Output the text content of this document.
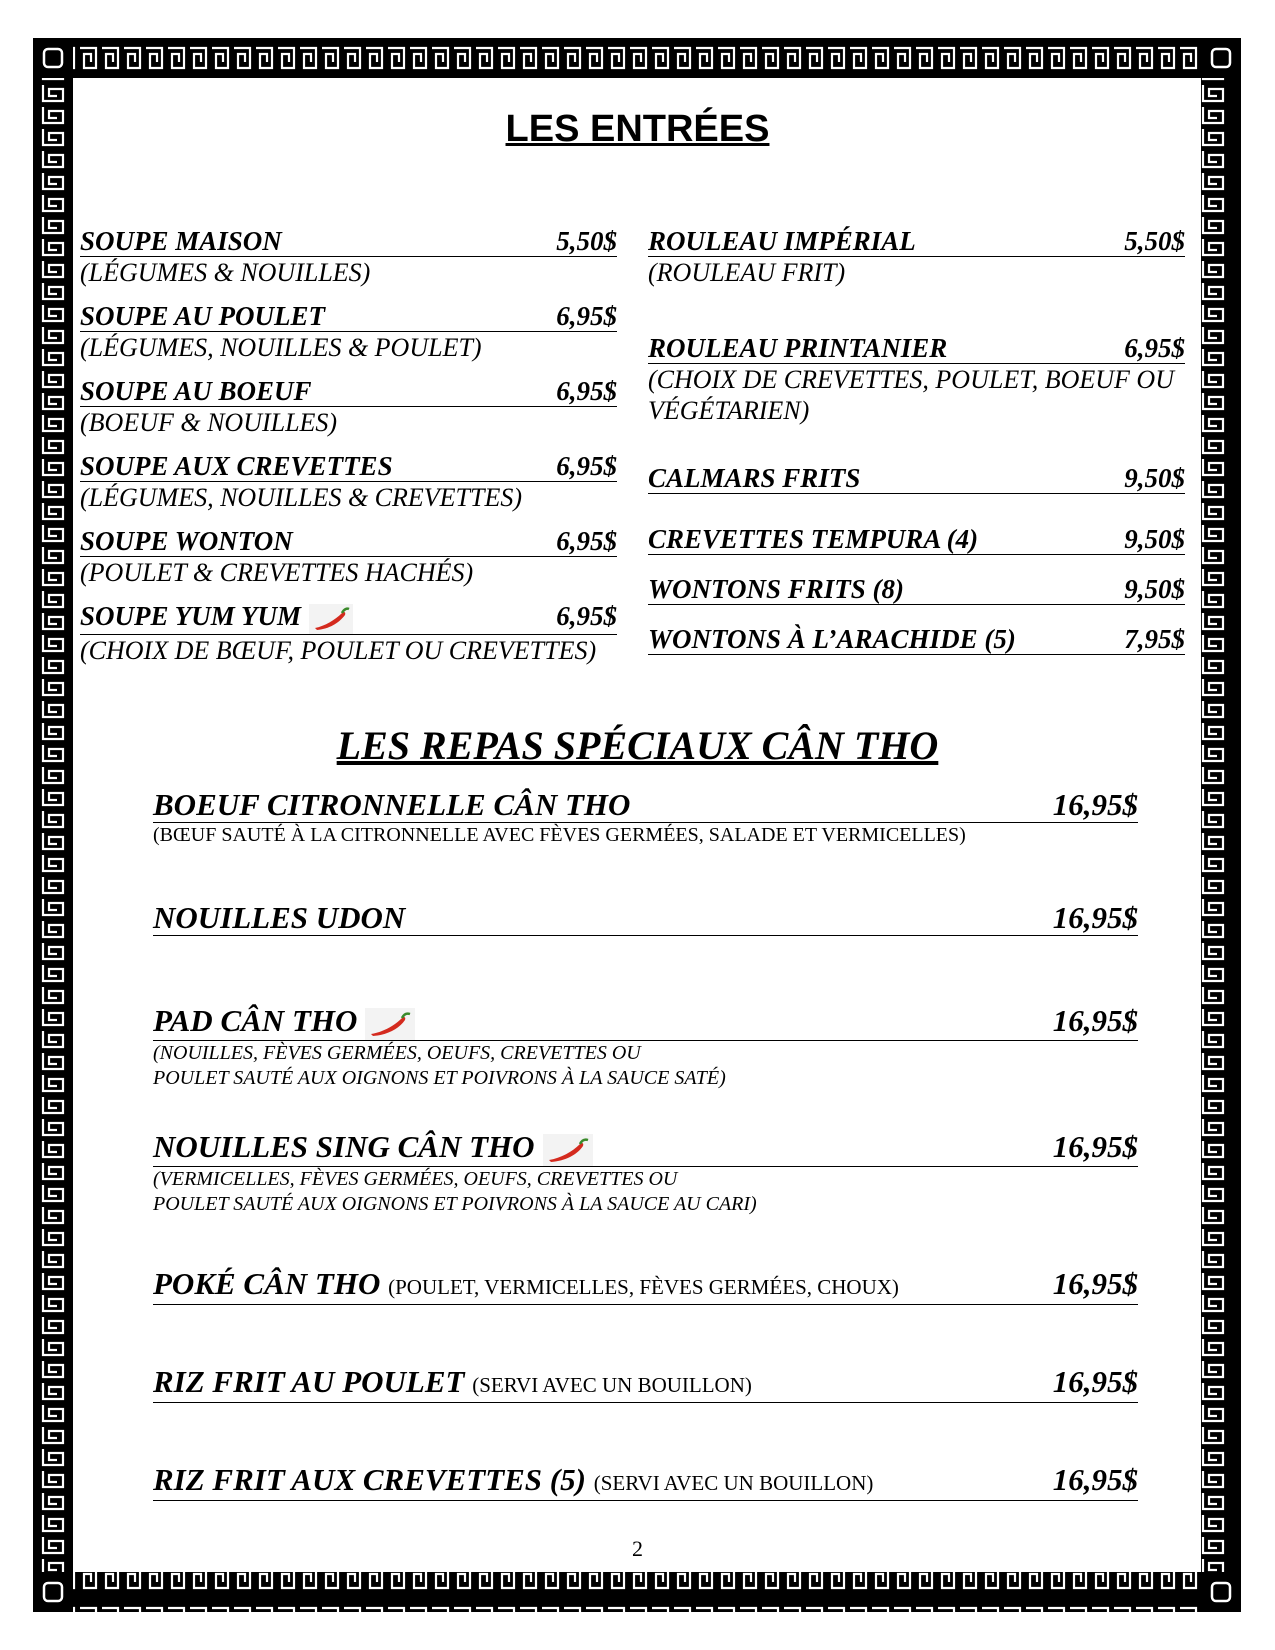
LES ENTRÉES
SOUPE MAISON	5,50$
(LÉGUMES & NOUILLES)
SOUPE AU POULET	6,95$
(LÉGUMES, NOUILLES & POULET)
SOUPE AU BOEUF	6,95$
(BOEUF & NOUILLES)
SOUPE AUX CREVETTES	6,95$
(LÉGUMES, NOUILLES & CREVETTES)
SOUPE WONTON	6,95$
(POULET & CREVETTES HACHÉS)
SOUPE YUM YUM	6,95$
(CHOIX DE BŒUF, POULET OU CREVETTES)
ROULEAU IMPÉRIAL	5,50$
(ROULEAU FRIT)
ROULEAU PRINTANIER	6,95$
(CHOIX DE CREVETTES, POULET, BOEUF OU VÉGÉTARIEN)
CALMARS FRITS	9,50$
CREVETTES TEMPURA (4)	9,50$
WONTONS FRITS (8)	9,50$
WONTONS À L’ARACHIDE (5)	7,95$
LES REPAS SPÉCIAUX CÂN THO
BOEUF CITRONNELLE CÂN THO	16,95$
(BŒUF SAUTÉ À LA CITRONNELLE AVEC FÈVES GERMÉES, SALADE ET VERMICELLES)
NOUILLES UDON	16,95$
PAD CÂN THO	16,95$
(NOUILLES, FÈVES GERMÉES, OEUFS, CREVETTES OU
POULET SAUTÉ AUX OIGNONS ET POIVRONS À LA SAUCE SATÉ)
NOUILLES SING CÂN THO	16,95$
(VERMICELLES, FÈVES GERMÉES, OEUFS, CREVETTES OU
POULET SAUTÉ AUX OIGNONS ET POIVRONS À LA SAUCE AU CARI)
POKÉ CÂN THO (POULET, VERMICELLES, FÈVES GERMÉES, CHOUX)	16,95$
RIZ FRIT AU POULET (SERVI AVEC UN BOUILLON)	16,95$
RIZ FRIT AUX CREVETTES (5) (SERVI AVEC UN BOUILLON)	16,95$
2
